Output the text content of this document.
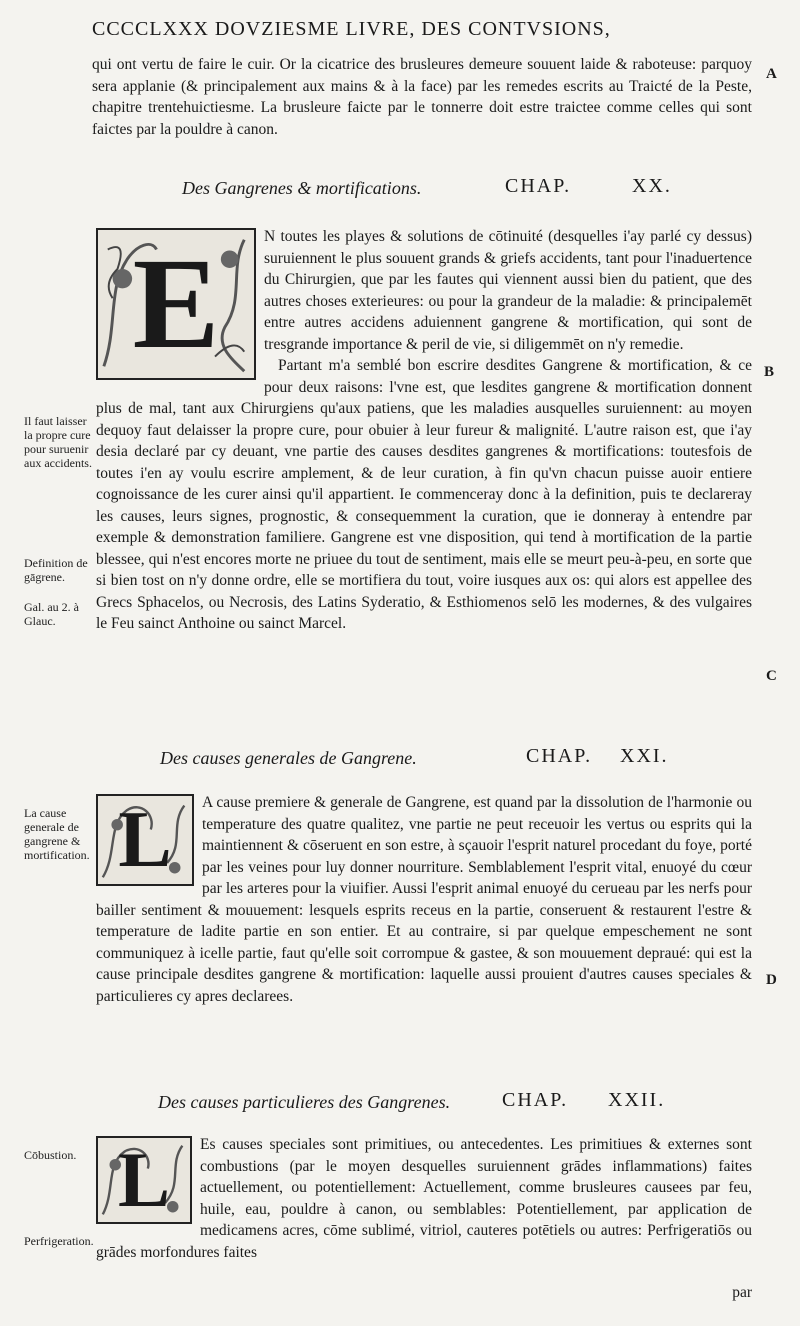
CCCCLXXX DOVZIESME LIVRE, DES CONTVSIONS,

qui ont vertu de faire le cuir. Or la cicatrice des brusleures demeure souuent laide & raboteuse: parquoy sera applanie (& principalement aux mains & à la face) par les remedes escrits au Traicté de la Peste, chapitre trentehuictiesme. La brusleure faicte par le tonnerre doit estre traictee comme celles qui sont faictes par la pouldre à canon.

A
Des Gangrenes & mortifications.	CHAP.	XX.
E	N toutes les playes & solutions de cōtinuité (desquelles i'ay parlé cy dessus) suruiennent le plus souuent grands & griefs accidents, tant pour l'inaduertence du Chirurgien, que par les fautes qui viennent aussi bien du patient, que des autres choses exterieures: ou pour la grandeur de la maladie: & principalemēt entre autres accidens aduiennent gangrene & mortification, qui sont de tresgrande importance & peril de vie, si diligemmēt on n'y remedie.

Partant m'a semblé bon escrire desdites Gangrene & mortification, & ce pour deux raisons: l'vne est, que lesdites gangrene & mortification donnent plus de mal, tant aux Chirurgiens qu'aux patiens, que les maladies ausquelles suruiennent: au moyen dequoy faut delaisser la propre cure, pour obuier à leur fureur & malignité. L'autre raison est, que i'ay desia declaré par cy deuant, vne partie des causes desdites gangrenes & mortifications: toutesfois de toutes i'en ay voulu escrire amplement, & de leur curation, à fin qu'vn chacun puisse auoir entiere cognoissance de les curer ainsi qu'il appartient. Ie commenceray donc à la definition, puis te declareray les causes, leurs signes, prognostic, & consequemment la curation, que ie donneray à entendre par exemple & demonstration familiere. Gangrene est vne disposition, qui tend à mortification de la partie blessee, qui n'est encores morte ne priuee du tout de sentiment, mais elle se meurt peu-à-peu, en sorte que si bien tost on n'y donne ordre, elle se mortifiera du tout, voire iusques aux os: qui alors est appellee des Grecs Sphacelos, ou Necrosis, des Latins Syderatio, & Esthiomenos selō les modernes, & des vulgaires le Feu sainct Anthoine ou sainct Marcel.

B
C
Il faut laisser la propre cure pour suruenir aux accidents.
Definition de gāgrene.
Gal. au 2. à Glauc.
Des causes generales de Gangrene.	CHAP. XXI.
L	A cause premiere & generale de Gangrene, est quand par la dissolution de l'harmonie ou temperature des quatre qualitez, vne partie ne peut receuoir les vertus ou esprits qui la maintiennent & cōseruent en son estre, à sçauoir l'esprit naturel procedant du foye, porté par les veines pour luy donner nourriture. Semblablement l'esprit vital, enuoyé du cœur par les arteres pour la viuifier. Aussi l'esprit animal enuoyé du cerueau par les nerfs pour bailler sentiment & mouuement: lesquels esprits receus en la partie, conseruent & restaurent l'estre & temperature de ladite partie en son entier. Et au contraire, si par quelque empeschement ne sont communiquez à icelle partie, faut qu'elle soit corrompue & gastee, & son mouuement depraué: qui est la cause principale desdites gangrene & mortification: laquelle aussi prouient d'autres causes speciales & particulieres cy apres declarees.

D
La cause generale de gangrene & mortification.
Des causes particulieres des Gangrenes.	CHAP. XXII.
L	Es causes speciales sont primitiues, ou antecedentes. Les primitiues & externes sont combustions (par le moyen desquelles suruiennent grādes inflammations) faites actuellement, ou potentiellement: Actuellement, comme brusleures causees par feu, huile, eau, pouldre à canon, ou semblables: Potentiellement, par application de medicamens acres, cōme sublimé, vitriol, cauteres potētiels ou autres: Perfrigeratiōs ou grādes morfondures faites

par
Cōbustion.
Perfrigeration.
